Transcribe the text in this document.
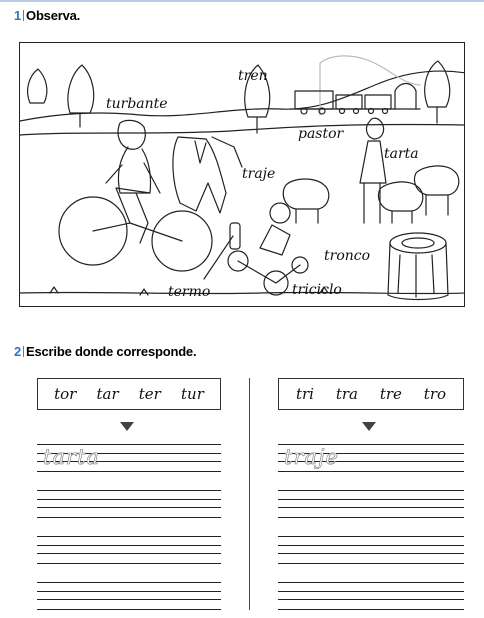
1 Observa.
tren
turbante
pastor
tarta
traje
tronco
termo	triciclo
2 Escribe donde corresponde.
tor tar ter tur
tarta
tri tra tre tro
traje
